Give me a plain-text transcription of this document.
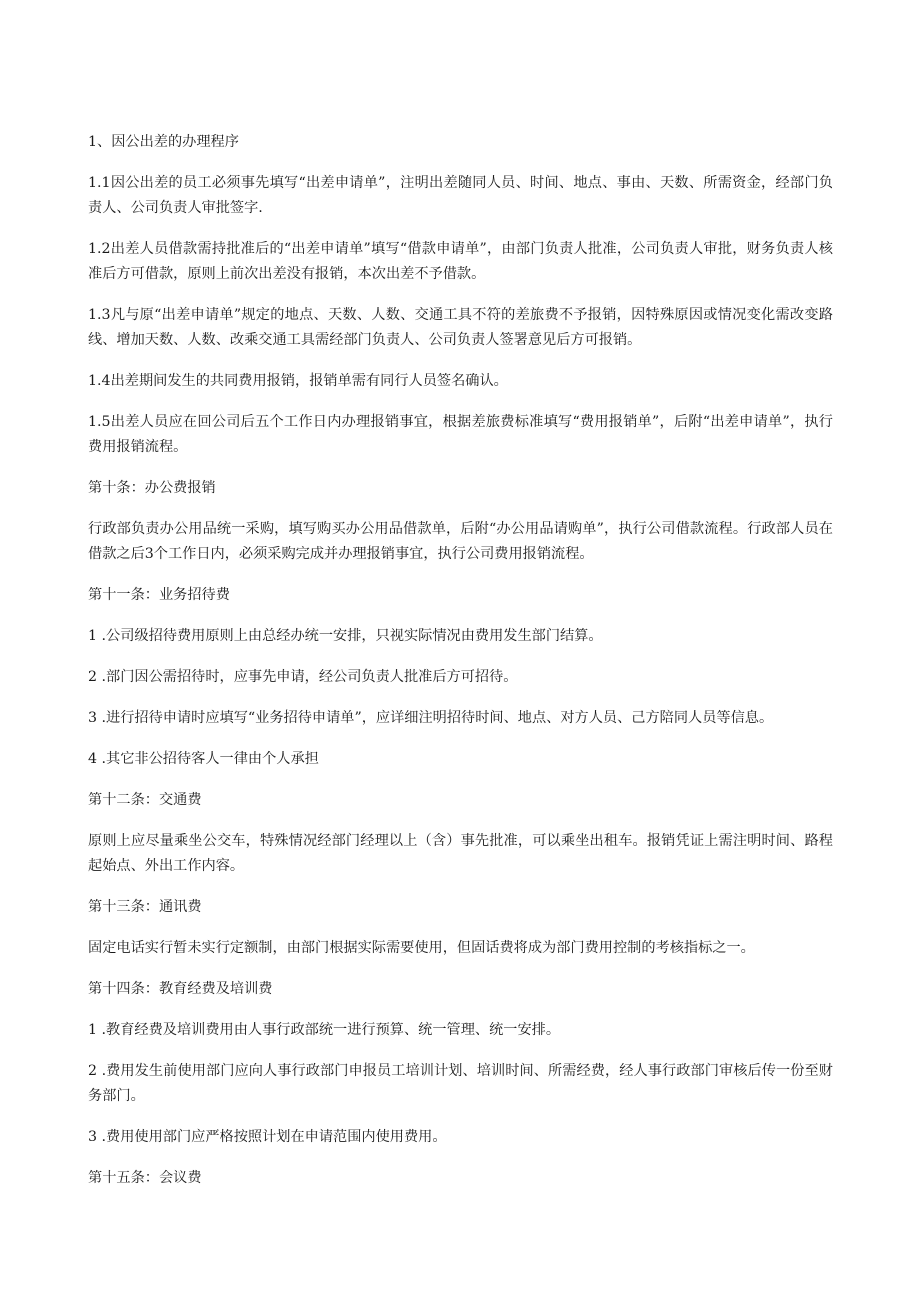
1、因公出差的办理程序

1.1因公出差的员工必须事先填写“出差申请单”，注明出差随同人员、时间、地点、事由、天数、所需资金，经部门负责人、公司负责人审批签字.

1.2出差人员借款需持批准后的“出差申请单”填写“借款申请单”，由部门负责人批准，公司负责人审批，财务负责人核准后方可借款，原则上前次出差没有报销，本次出差不予借款。

1.3凡与原“出差申请单”规定的地点、天数、人数、交通工具不符的差旅费不予报销，因特殊原因或情况变化需改变路线、增加天数、人数、改乘交通工具需经部门负责人、公司负责人签署意见后方可报销。

1.4出差期间发生的共同费用报销，报销单需有同行人员签名确认。

1.5出差人员应在回公司后五个工作日内办理报销事宜，根据差旅费标准填写“费用报销单”，后附“出差申请单”，执行费用报销流程。

第十条：办公费报销

行政部负责办公用品统一采购，填写购买办公用品借款单，后附“办公用品请购单”，执行公司借款流程。行政部人员在借款之后3个工作日内，必须采购完成并办理报销事宜，执行公司费用报销流程。

第十一条：业务招待费

1 .公司级招待费用原则上由总经办统一安排，只视实际情况由费用发生部门结算。

2 .部门因公需招待时，应事先申请，经公司负责人批准后方可招待。

3 .进行招待申请时应填写“业务招待申请单”，应详细注明招待时间、地点、对方人员、己方陪同人员等信息。

4 .其它非公招待客人一律由个人承担

第十二条：交通费

原则上应尽量乘坐公交车，特殊情况经部门经理以上（含）事先批准，可以乘坐出租车。报销凭证上需注明时间、路程起始点、外出工作内容。

第十三条：通讯费

固定电话实行暂未实行定额制，由部门根据实际需要使用，但固话费将成为部门费用控制的考核指标之一。

第十四条：教育经费及培训费

1 .教育经费及培训费用由人事行政部统一进行预算、统一管理、统一安排。

2 .费用发生前使用部门应向人事行政部门申报员工培训计划、培训时间、所需经费，经人事行政部门审核后传一份至财务部门。

3 .费用使用部门应严格按照计划在申请范围内使用费用。

第十五条：会议费
